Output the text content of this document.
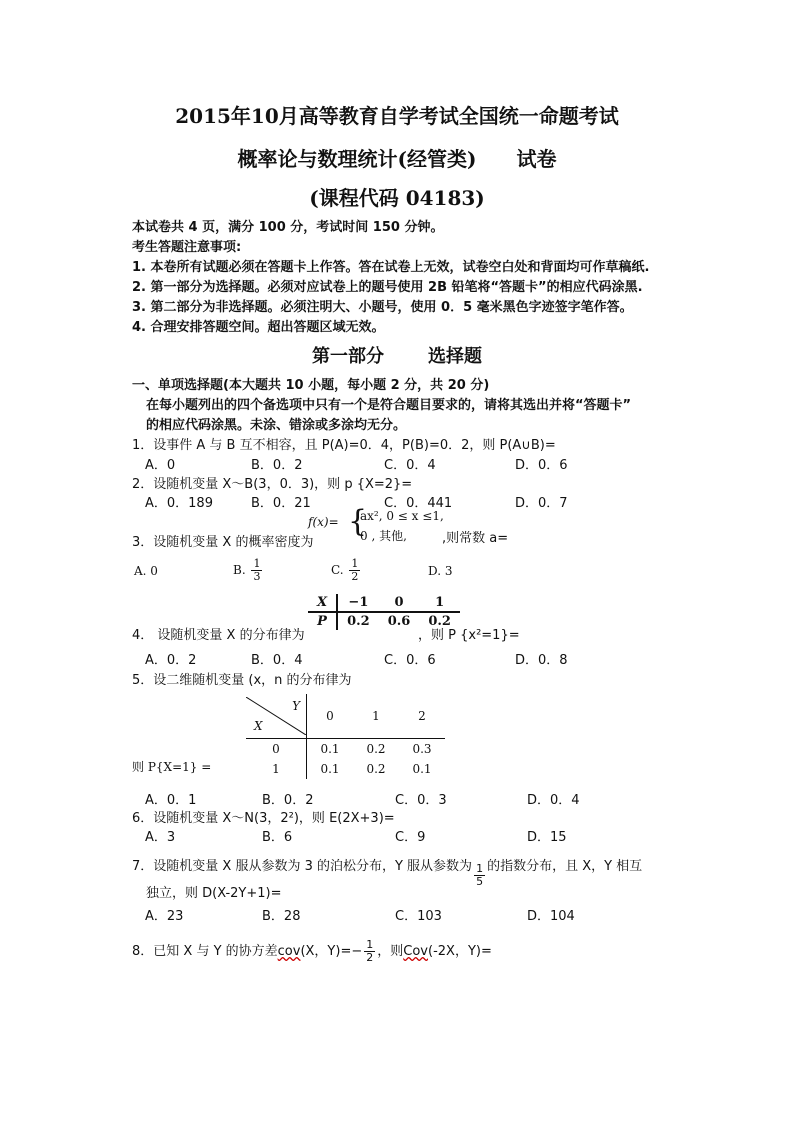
2015年10月高等教育自学考试全国统一命题考试
概率论与数理统计(经管类) 试卷
(课程代码 04183)
本试卷共 4 页，满分 100 分，考试时间 150 分钟。
考生答题注意事项:
1. 本卷所有试题必须在答题卡上作答。答在试卷上无效，试卷空白处和背面均可作草稿纸.
2. 第一部分为选择题。必须对应试卷上的题号使用 2B 铅笔将“答题卡”的相应代码涂黑.
3. 第二部分为非选择题。必须注明大、小题号，使用 0．5 毫米黑色字迹签字笔作答。
4. 合理安排答题空间。超出答题区域无效。
第一部分 选择题
一、单项选择题(本大题共 10 小题，每小题 2 分，共 20 分)
在每小题列出的四个备选项中只有一个是符合题目要求的，请将其选出并将“答题卡”
的相应代码涂黑。未涂、错涂或多涂均无分。
1．设事件 A 与 B 互不相容，且 P(A)=0．4，P(B)=0．2，则 P(A∪B)=
A．0	B．0．2	C．0．4	D．0．6
2．设随机变量 X～B(3，0．3)，则 p {X=2}=
A．0．189	B．0．21	C．0．441	D．0．7
3．设随机变量 X 的概率密度为
f(x)= {
ax², 0 ≤ x ≤1,
0 , 其他,	,则常数 a=
A. 0	B. $\frac{1}{3}$	C. $\frac{1}{2}$	D. 3
X	−1	0	1
P	0.2	0.6	0.2
4． 设随机变量 X 的分布律为	，则 P {x²=1}=
A．0．2	B．0．4	C．0．6	D．0．8
5．设二维随机变量 (x，n 的分布律为
Y
X	0	1	2
0	0.1	0.2	0.3
1	0.1	0.2	0.1
则 P{X=1} =
A．0．1	B．0．2	C．0．3	D．0．4
6．设随机变量 X～N(3，2²)，则 E(2X+3)=
A．3	B．6	C．9	D．15
7．设随机变量 X 服从参数为 3 的泊松分布，Y 服从参数为 $\frac{1}{5}$ 的指数分布，且 X，Y 相互
独立，则 D(X-2Y+1)=
A．23	B．28	C．103	D．104
8．已知 X 与 Y 的协方差cov(X，$Y)=- \frac{1}{2}$ ，则Cov(-2X，Y)=
